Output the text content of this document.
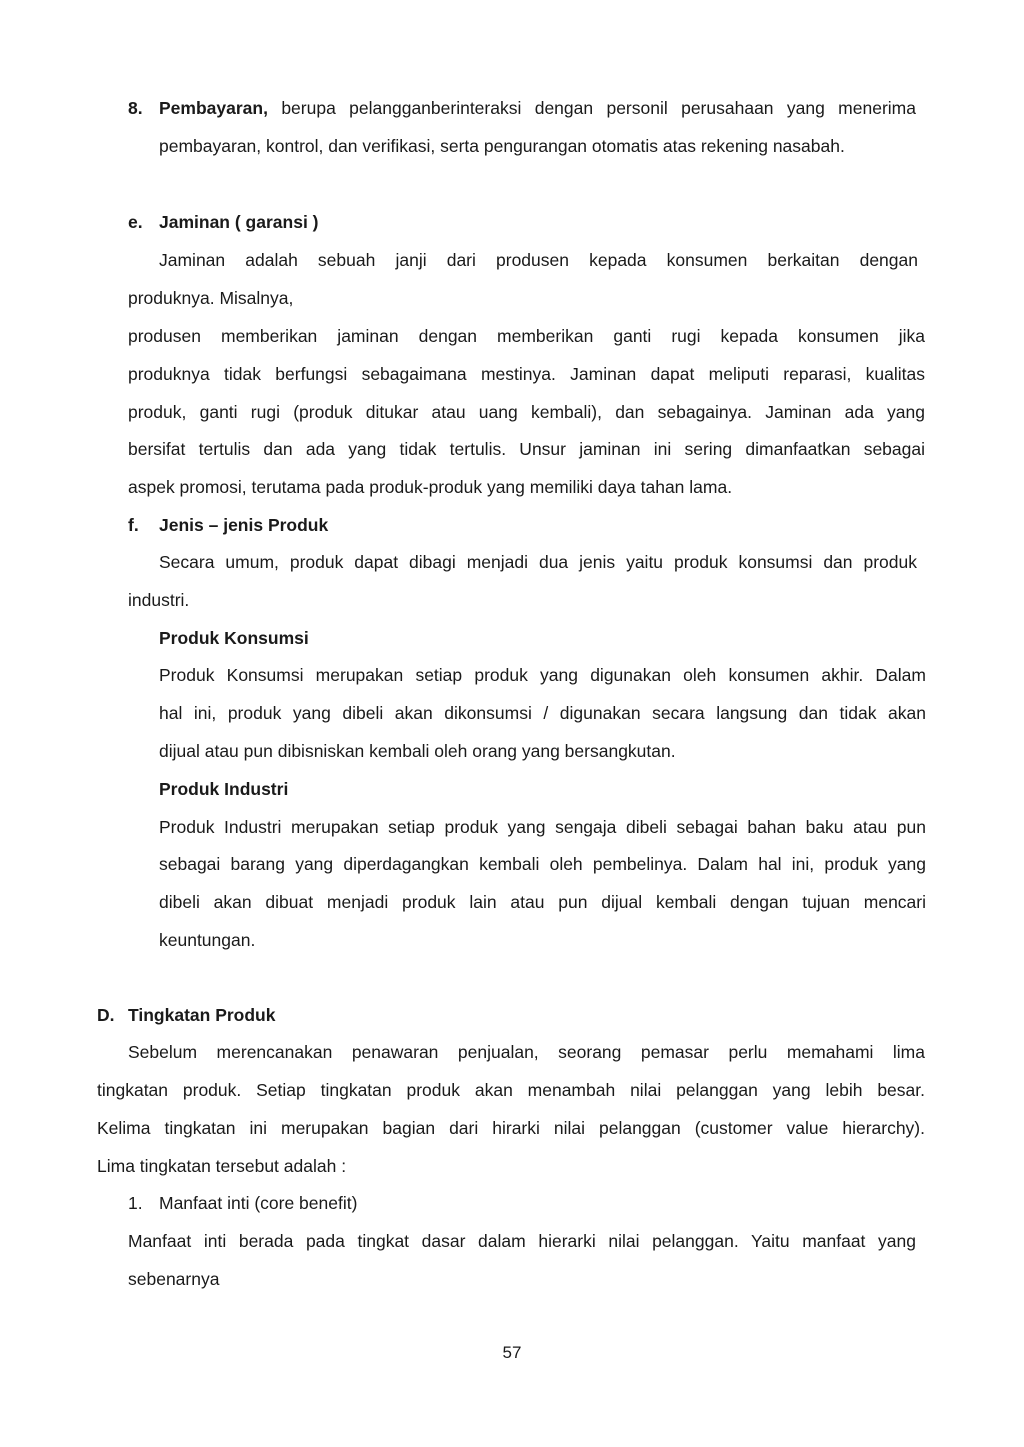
8. Pembayaran, berupa pelangganberinteraksi dengan personil perusahaan yang menerima
pembayaran, kontrol, dan verifikasi, serta pengurangan otomatis atas rekening nasabah.
e. Jaminan ( garansi )
Jaminan adalah sebuah janji dari produsen kepada konsumen berkaitan dengan
produknya. Misalnya,
produsen memberikan jaminan dengan memberikan ganti rugi kepada konsumen jika
produknya tidak berfungsi sebagaimana mestinya. Jaminan dapat meliputi reparasi, kualitas
produk, ganti rugi (produk ditukar atau uang kembali), dan sebagainya. Jaminan ada yang
bersifat tertulis dan ada yang tidak tertulis. Unsur jaminan ini sering dimanfaatkan sebagai
aspek promosi, terutama pada produk-produk yang memiliki daya tahan lama.
f. Jenis – jenis Produk
Secara umum, produk dapat dibagi menjadi dua jenis yaitu produk konsumsi dan produk
industri.
Produk Konsumsi
Produk Konsumsi merupakan setiap produk yang digunakan oleh konsumen akhir. Dalam
hal ini, produk yang dibeli akan dikonsumsi / digunakan secara langsung dan tidak akan
dijual atau pun dibisniskan kembali oleh orang yang bersangkutan.
Produk Industri
Produk Industri merupakan setiap produk yang sengaja dibeli sebagai bahan baku atau pun
sebagai barang yang diperdagangkan kembali oleh pembelinya. Dalam hal ini, produk yang
dibeli akan dibuat menjadi produk lain atau pun dijual kembali dengan tujuan mencari
keuntungan.
D. Tingkatan Produk
Sebelum merencanakan penawaran penjualan, seorang pemasar perlu memahami lima
tingkatan produk. Setiap tingkatan produk akan menambah nilai pelanggan yang lebih besar.
Kelima tingkatan ini merupakan bagian dari hirarki nilai pelanggan (customer value hierarchy).
Lima tingkatan tersebut adalah :
1. Manfaat inti (core benefit)
Manfaat inti berada pada tingkat dasar dalam hierarki nilai pelanggan. Yaitu manfaat yang
sebenarnya
57
